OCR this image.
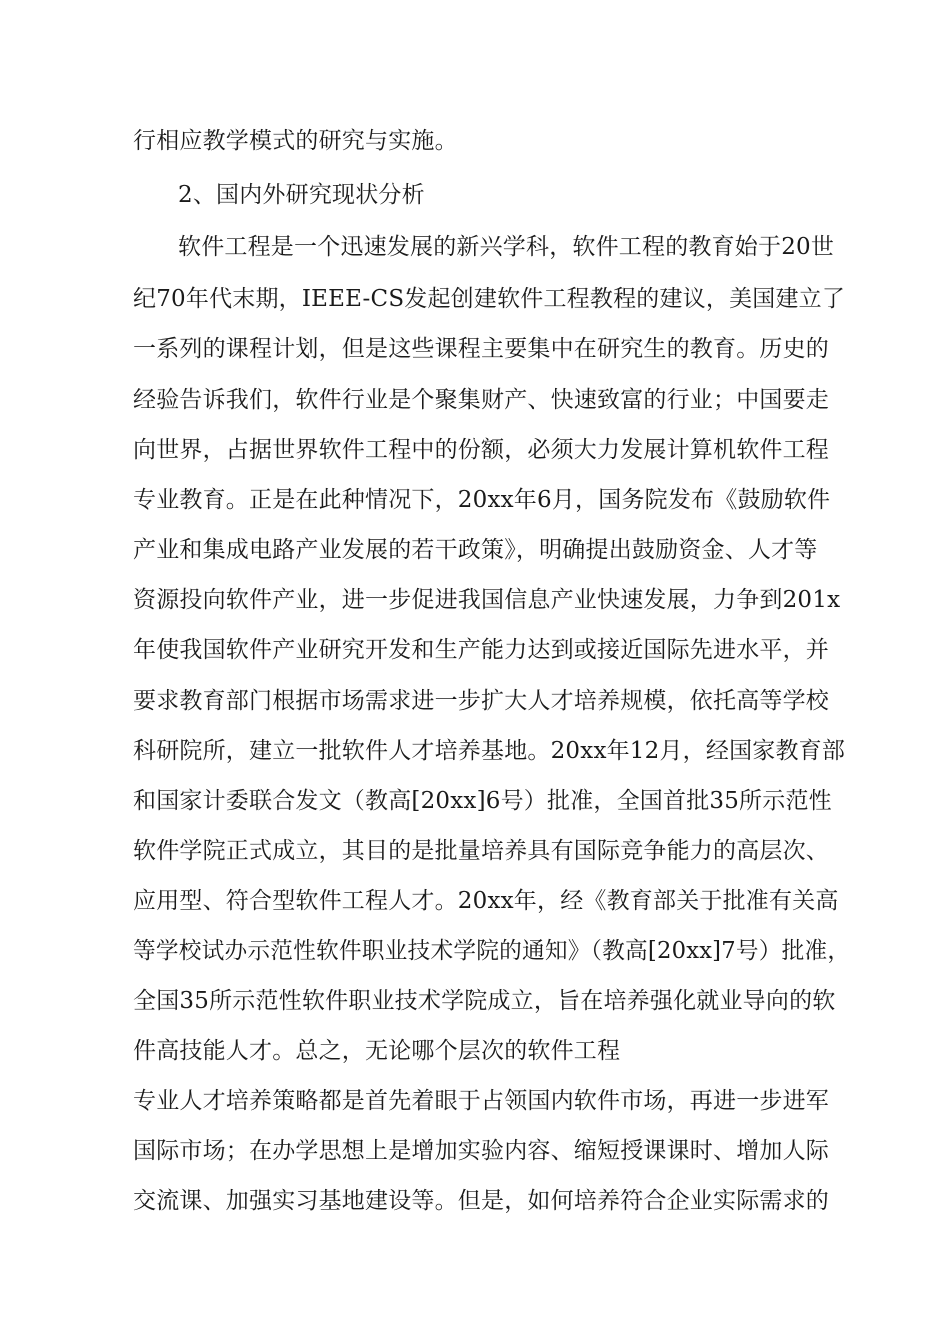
行相应教学模式的研究与实施。
2、国内外研究现状分析
软件工程是一个迅速发展的新兴学科，软件工程的教育始于20世
纪70年代末期，IEEE-CS发起创建软件工程教程的建议，美国建立了
一系列的课程计划，但是这些课程主要集中在研究生的教育。历史的
经验告诉我们，软件行业是个聚集财产、快速致富的行业；中国要走
向世界，占据世界软件工程中的份额，必须大力发展计算机软件工程
专业教育。正是在此种情况下，20xx年6月，国务院发布《鼓励软件
产业和集成电路产业发展的若干政策》，明确提出鼓励资金、人才等
资源投向软件产业，进一步促进我国信息产业快速发展，力争到201x
年使我国软件产业研究开发和生产能力达到或接近国际先进水平，并
要求教育部门根据市场需求进一步扩大人才培养规模，依托高等学校
科研院所，建立一批软件人才培养基地。20xx年12月，经国家教育部
和国家计委联合发文（教高[20xx]6号）批准，全国首批35所示范性
软件学院正式成立，其目的是批量培养具有国际竞争能力的高层次、
应用型、符合型软件工程人才。20xx年，经《教育部关于批准有关高
等学校试办示范性软件职业技术学院的通知》（教高[20xx]7号）批准，
全国35所示范性软件职业技术学院成立，旨在培养强化就业导向的软
件高技能人才。总之，无论哪个层次的软件工程
专业人才培养策略都是首先着眼于占领国内软件市场，再进一步进军
国际市场；在办学思想上是增加实验内容、缩短授课课时、增加人际
交流课、加强实习基地建设等。但是，如何培养符合企业实际需求的
